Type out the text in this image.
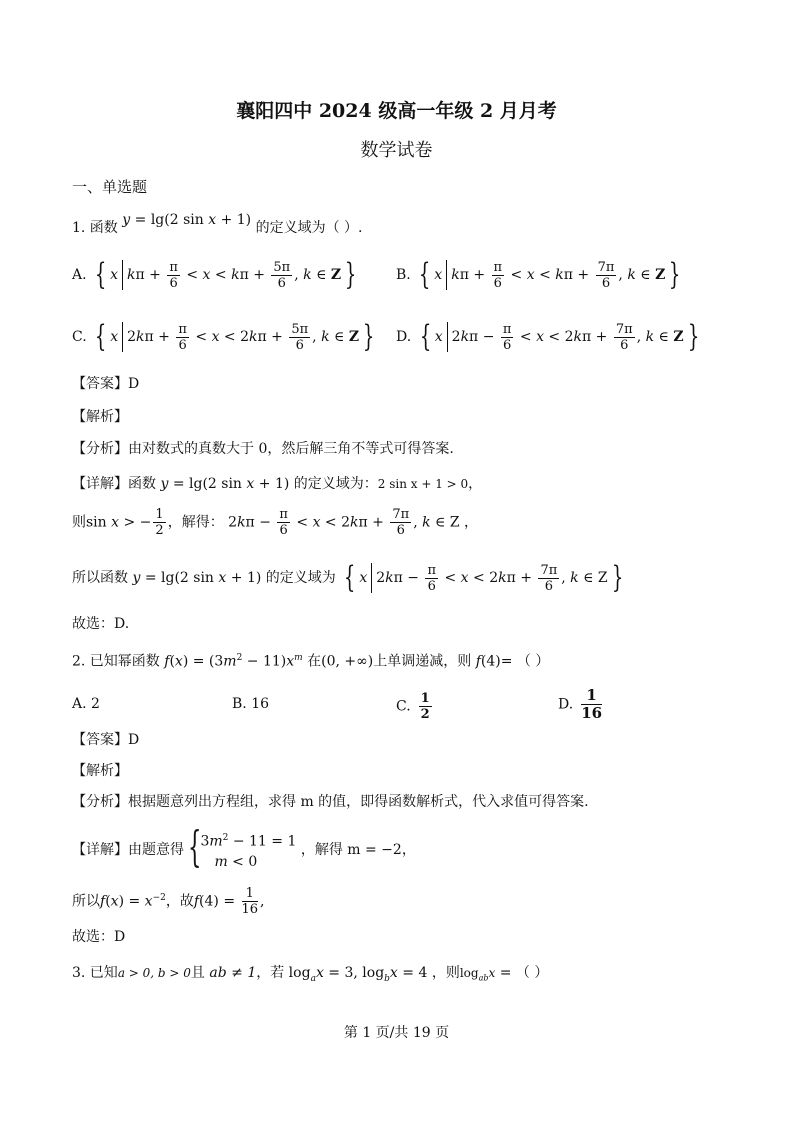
襄阳四中 2024 级高一年级 2 月月考
数学试卷
一、单选题
1. 函数 y = lg(2 sin x + 1) 的定义域为（ ）.
A. { x $k\pi + \frac{\pi}{6} < x < k\pi + \frac{5\pi}{6}$ , k ∈ Z }	B. { x $k\pi + \frac{\pi}{6} < x < k\pi + \frac{7\pi}{6}$ , k ∈ Z }
C. { x $2k\pi + \frac{\pi}{6} < x < 2k\pi + \frac{5\pi}{6}$ , k ∈ Z } D. { x $2k\pi - \frac{\pi}{6} < x < 2k\pi + \frac{7\pi}{6}$ , k ∈ Z }
【答案】D
【解析】
【分析】由对数式的真数大于 0，然后解三角不等式可得答案.
【详解】函数 y = lg(2 sin x + 1) 的定义域为：2 sin x + 1 > 0，
则sin x > − $\frac{1}{2}$ ，解得： $2k\pi - \frac{\pi}{6} < x < 2k\pi + \frac{7\pi}{6}$ , k ∈ Z ，
所以函数 y = lg(2 sin x + 1) 的定义域为 { x $2k\pi - \frac{\pi}{6} < x < 2k\pi + \frac{7\pi}{6}$ , k ∈ Z }
故选：D.
2. 已知幂函数 $f(x) = (3m^2 - 11)x^m$ 在(0, +∞)上单调递减，则 f(4)= （ ）
A. 2	B. 16	C. $\frac{1}{2}$	D. $\frac{1}{16}$
【答案】D
【解析】
【分析】根据题意列出方程组，求得 m 的值，即得函数解析式，代入求值可得答案.
【详解】由题意得 {
$3m^2 - 11 = 1$
m < 0
，解得 m = −2，
所以$f(x) = x^{-2}$，故$f(4) = \frac{1}{16}$ ,
故选：D
3. 已知a > 0, b > 0且 ab ≠ 1，若 $\log_ax = 3$, $\log_bx = 4$ ，则$\log_{ab}x$ = （ ）
第 1 页/共 19 页
